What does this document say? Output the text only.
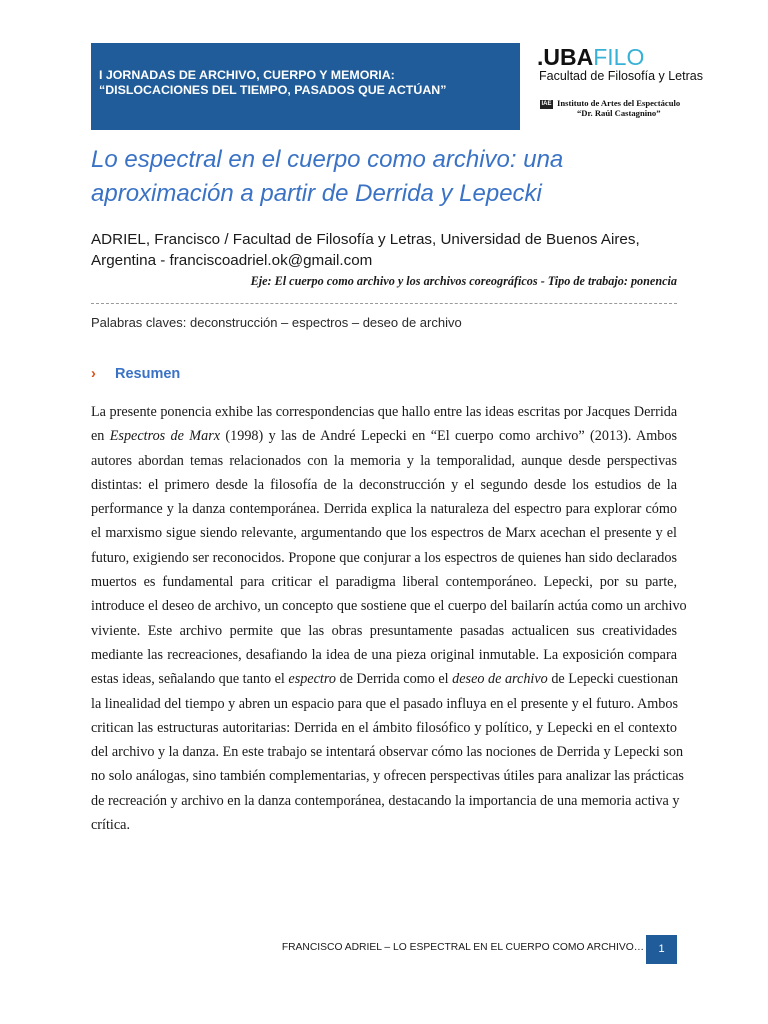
I JORNADAS DE ARCHIVO, CUERPO Y MEMORIA:
“DISLOCACIONES DEL TIEMPO, PASADOS QUE ACTÚAN”
.UBAFILO
Facultad de Filosofía y Letras
IAE Instituto de Artes del Espectáculo
“Dr. Raúl Castagnino”
Lo espectral en el cuerpo como archivo: una
aproximación a partir de Derrida y Lepecki
ADRIEL, Francisco / Facultad de Filosofía y Letras, Universidad de Buenos Aires,
Argentina - franciscoadriel.ok@gmail.com
Eje: El cuerpo como archivo y los archivos coreográficos - Tipo de trabajo: ponencia
Palabras claves: deconstrucción – espectros – deseo de archivo
› Resumen
La presente ponencia exhibe las correspondencias que hallo entre las ideas escritas por Jacques Derrida
en Espectros de Marx (1998) y las de André Lepecki en “El cuerpo como archivo” (2013). Ambos
autores abordan temas relacionados con la memoria y la temporalidad, aunque desde perspectivas
distintas: el primero desde la filosofía de la deconstrucción y el segundo desde los estudios de la
performance y la danza contemporánea. Derrida explica la naturaleza del espectro para explorar cómo
el marxismo sigue siendo relevante, argumentando que los espectros de Marx acechan el presente y el
futuro, exigiendo ser reconocidos. Propone que conjurar a los espectros de quienes han sido declarados
muertos es fundamental para criticar el paradigma liberal contemporáneo. Lepecki, por su parte,
introduce el deseo de archivo, un concepto que sostiene que el cuerpo del bailarín actúa como un archivo
viviente. Este archivo permite que las obras presuntamente pasadas actualicen sus creatividades
mediante las recreaciones, desafiando la idea de una pieza original inmutable. La exposición compara
estas ideas, señalando que tanto el espectro de Derrida como el deseo de archivo de Lepecki cuestionan
la linealidad del tiempo y abren un espacio para que el pasado influya en el presente y el futuro. Ambos
critican las estructuras autoritarias: Derrida en el ámbito filosófico y político, y Lepecki en el contexto
del archivo y la danza. En este trabajo se intentará observar cómo las nociones de Derrida y Lepecki son
no solo análogas, sino también complementarias, y ofrecen perspectivas útiles para analizar las prácticas
de recreación y archivo en la danza contemporánea, destacando la importancia de una memoria activa y
crítica.
FRANCISCO ADRIEL – LO ESPECTRAL EN EL CUERPO COMO ARCHIVO…	1
